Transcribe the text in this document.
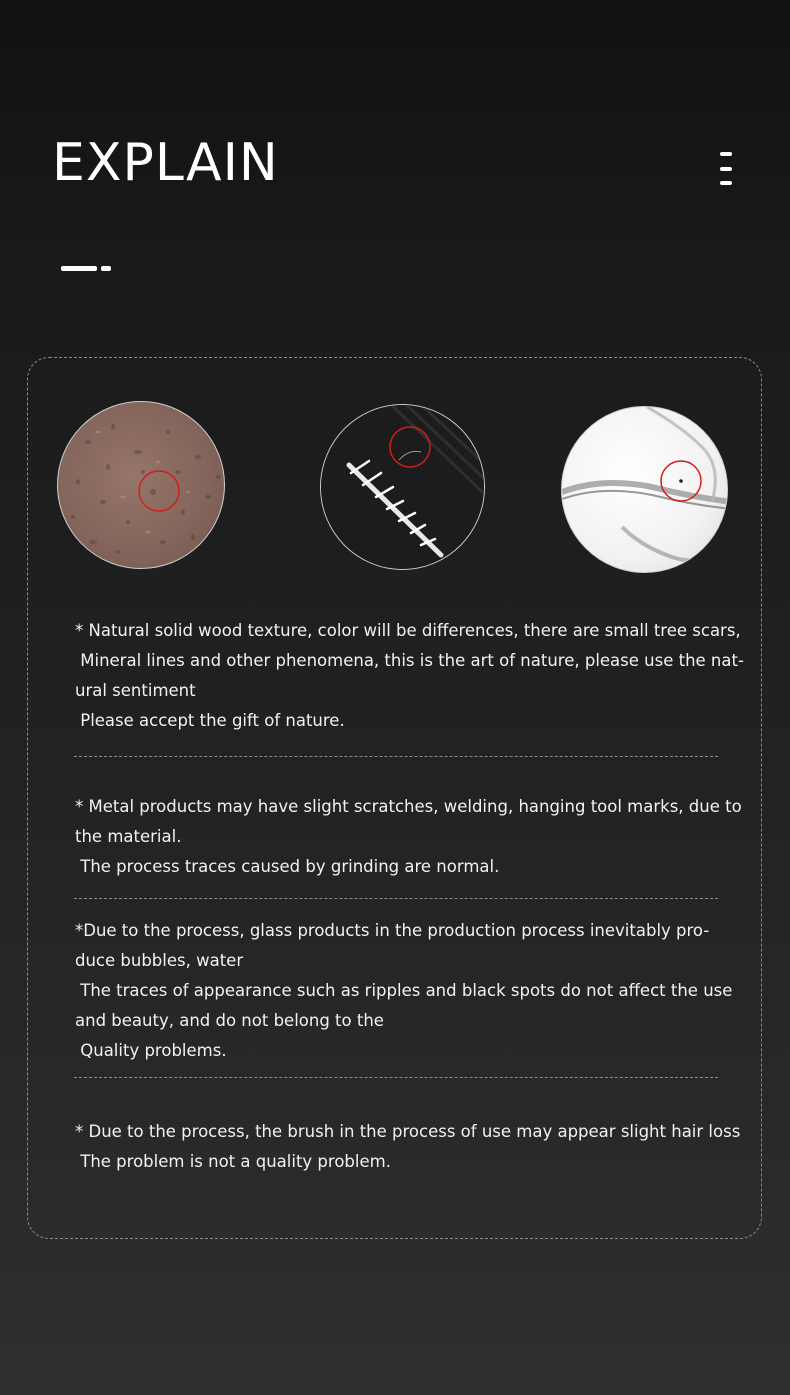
EXPLAIN

* Natural solid wood texture, color will be differences, there are small tree scars,
Mineral lines and other phenomena, this is the art of nature, please use the nat-
ural sentiment
Please accept the gift of nature.

* Metal products may have slight scratches, welding, hanging tool marks, due to
the material.
The process traces caused by grinding are normal.

*Due to the process, glass products in the production process inevitably pro-
duce bubbles, water
The traces of appearance such as ripples and black spots do not affect the use
and beauty, and do not belong to the
Quality problems.

* Due to the process, the brush in the process of use may appear slight hair loss
The problem is not a quality problem.
